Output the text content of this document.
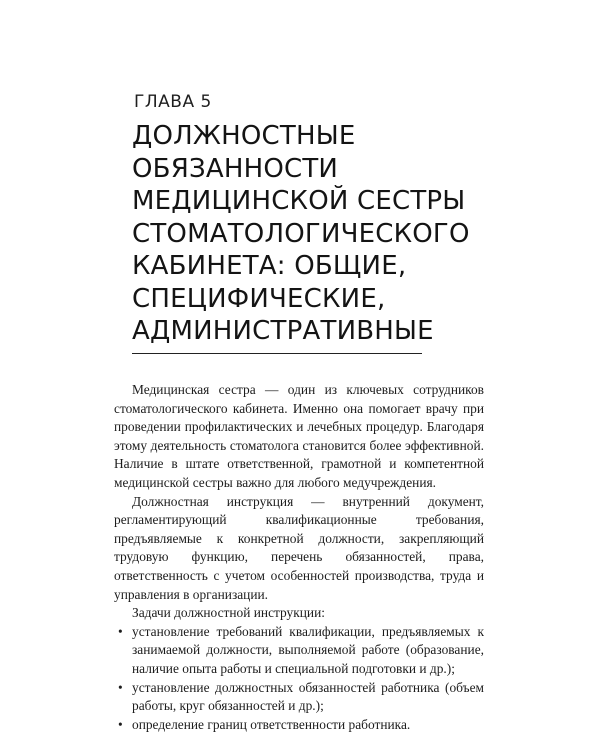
ГЛАВА 5
ДОЛЖНОСТНЫЕ
ОБЯЗАННОСТИ
МЕДИЦИНСКОЙ СЕСТРЫ
СТОМАТОЛОГИЧЕСКОГО
КАБИНЕТА: ОБЩИЕ,
СПЕЦИФИЧЕСКИЕ,
АДМИНИСТРАТИВНЫЕ

Медицинская сестра — один из ключевых сотрудников стоматологического кабинета. Именно она помогает врачу при проведении профилактических и лечебных процедур. Благодаря этому деятельность стоматолога становится более эффективной. Наличие в штате ответственной, грамотной и компетентной медицинской сестры важно для любого медучреждения.

Должностная инструкция — внутренний документ, регламентирующий квалификационные требования, предъявляемые к конкретной должности, закрепляющий трудовую функцию, перечень обязанностей, права, ответственность с учетом особенностей производства, труда и управления в организации.

Задачи должностной инструкции:

• установление требований квалификации, предъявляемых к занимаемой должности, выполняемой работе (образование, наличие опыта работы и специальной подготовки и др.);
• установление должностных обязанностей работника (объем работы, круг обязанностей и др.);
• определение границ ответственности работника.
